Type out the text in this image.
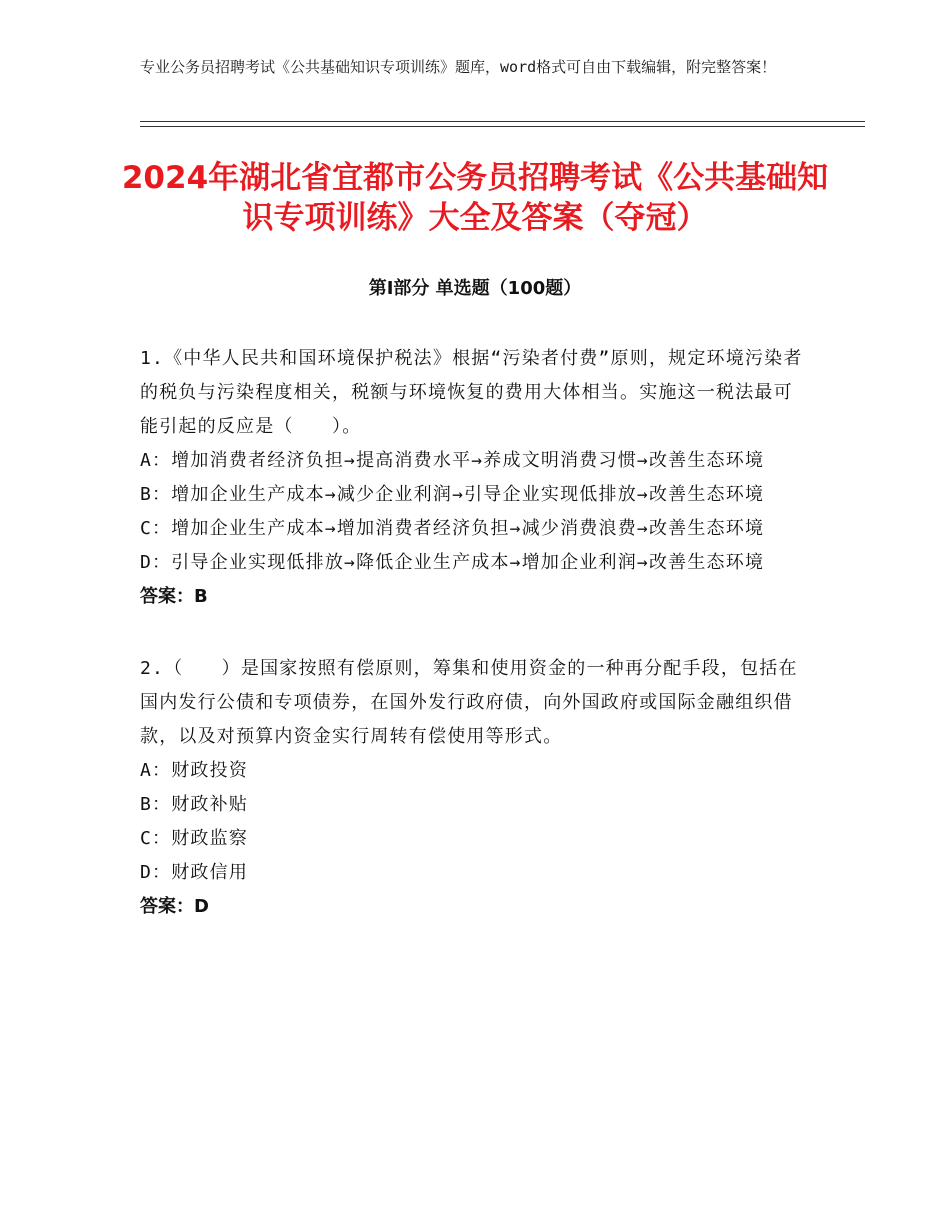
专业公务员招聘考试《公共基础知识专项训练》题库，word格式可自由下载编辑，附完整答案！
2024年湖北省宜都市公务员招聘考试《公共基础知识专项训练》大全及答案（夺冠）
第Ⅰ部分 单选题（100题）

1.《中华人民共和国环境保护税法》根据“污染者付费”原则，规定环境污染者的税负与污染程度相关，税额与环境恢复的费用大体相当。实施这一税法最可能引起的反应是（　　）。

A：增加消费者经济负担→提高消费水平→养成文明消费习惯→改善生态环境

B：增加企业生产成本→减少企业利润→引导企业实现低排放→改善生态环境

C：增加企业生产成本→增加消费者经济负担→减少消费浪费→改善生态环境

D：引导企业实现低排放→降低企业生产成本→增加企业利润→改善生态环境

答案：B

2.（　　）是国家按照有偿原则，筹集和使用资金的一种再分配手段，包括在国内发行公债和专项债券，在国外发行政府债，向外国政府或国际金融组织借款，以及对预算内资金实行周转有偿使用等形式。

A：财政投资

B：财政补贴

C：财政监察

D：财政信用

答案：D
